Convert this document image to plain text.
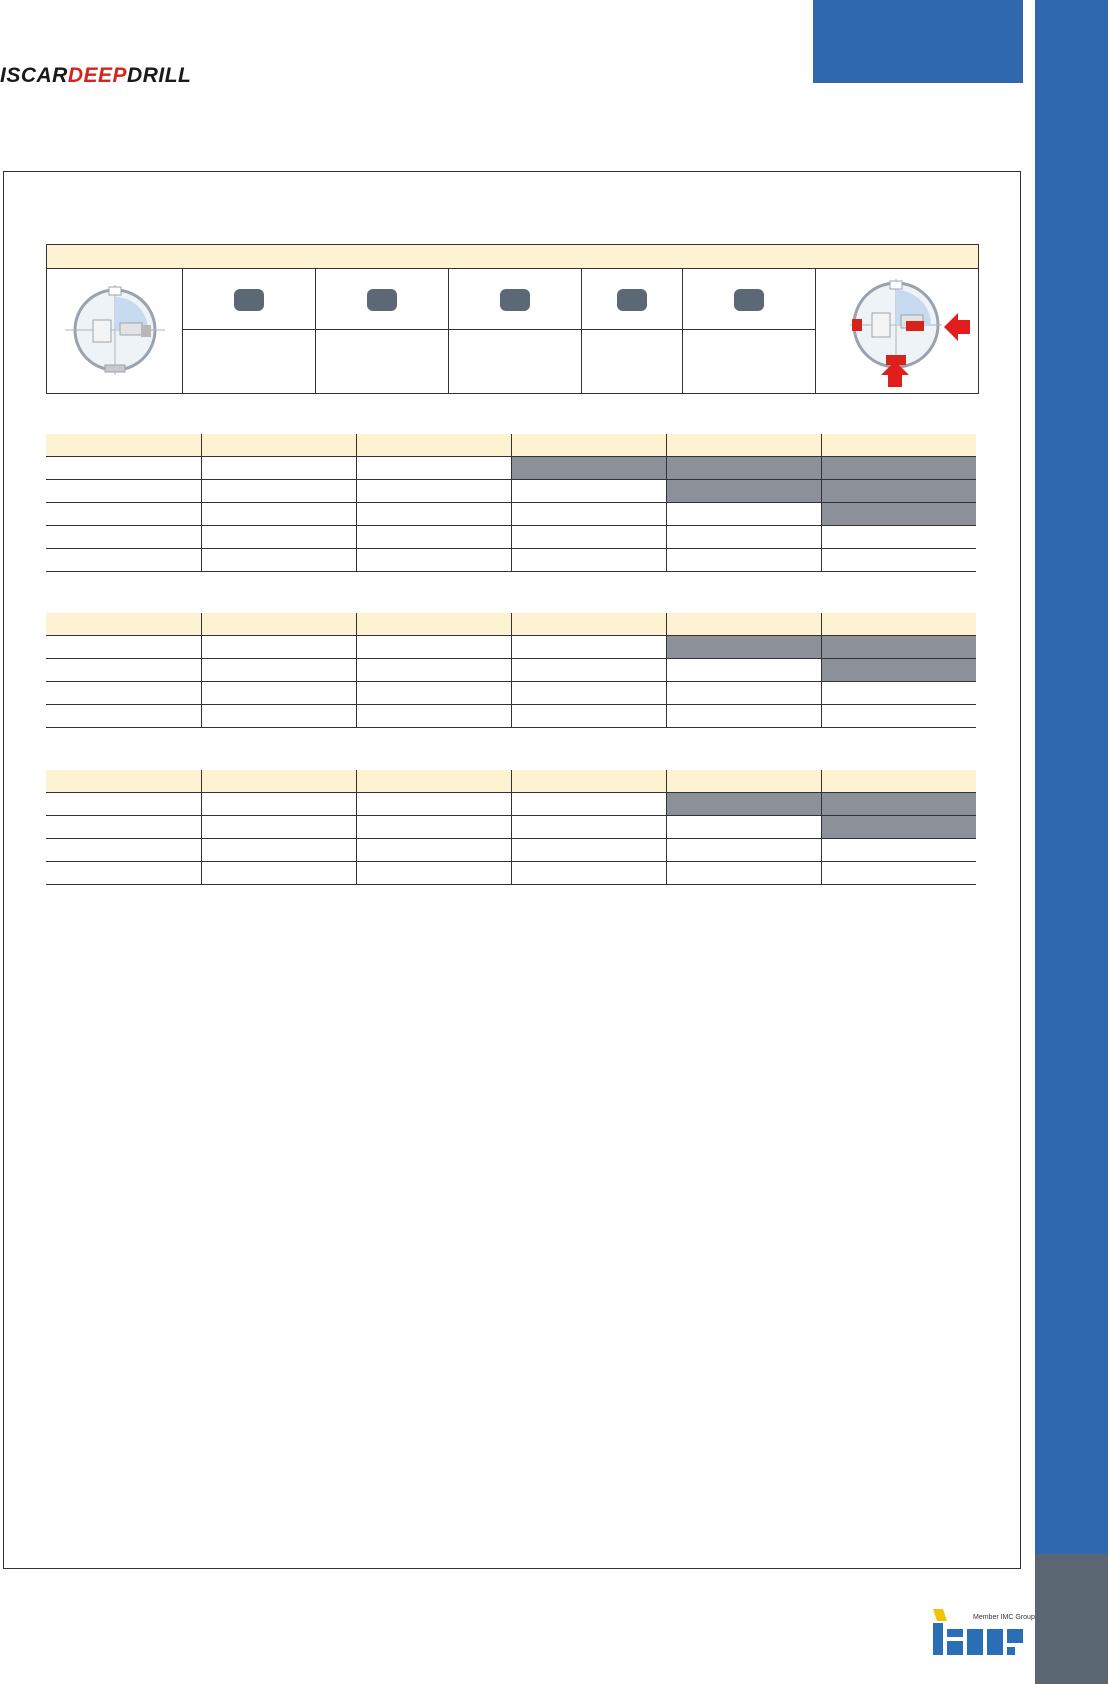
ISCARDEEPDRILL

Member IMC Group
